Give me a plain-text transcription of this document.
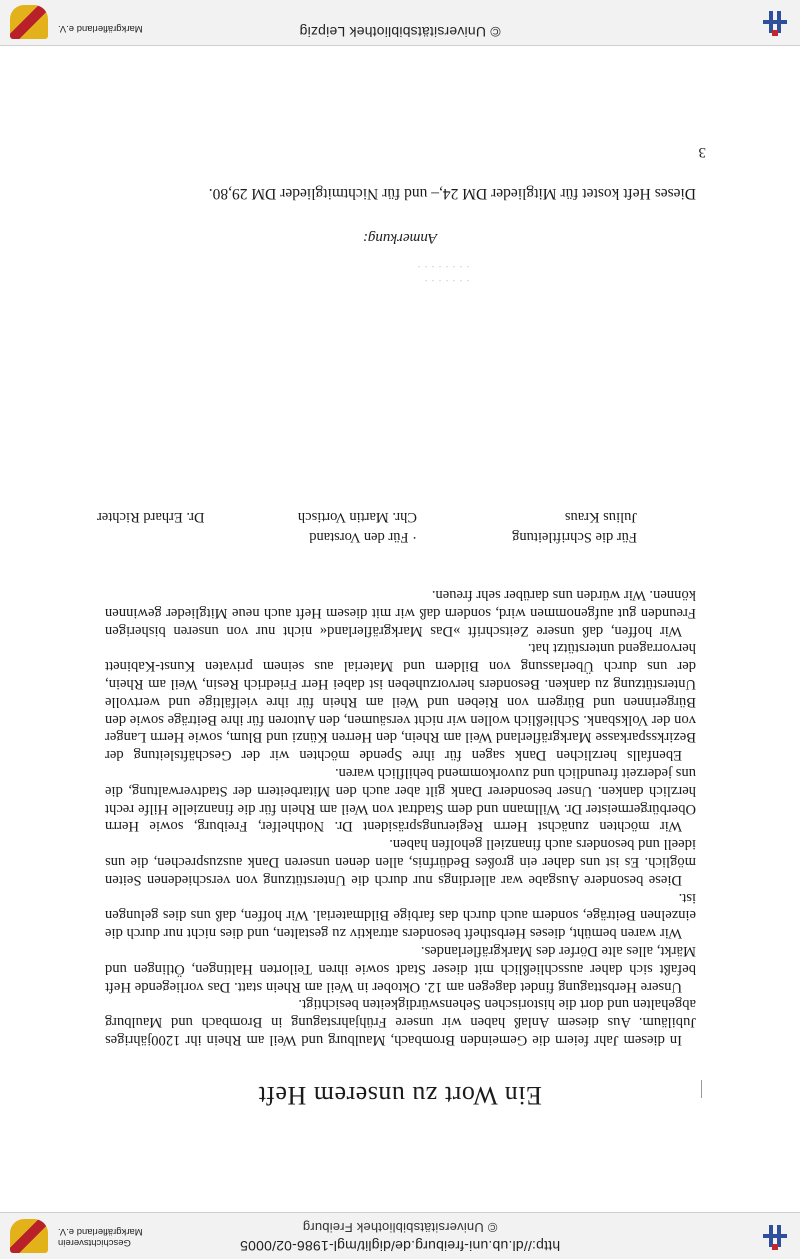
http://dl.ub.uni-freiburg.de/diglit/mgl-1986-02/0005
© Universitätsbibliothek Freiburg
Geschichtsverein
Markgräflerland e.V.
Ein Wort zu unserem Heft

In diesem Jahr feiern die Gemeinden Brombach, Maulburg und Weil am Rhein ihr 1200jähriges Jubiläum. Aus diesem Anlaß haben wir unsere Frühjahrstagung in Brombach und Maulburg abgehalten und dort die historischen Sehenswürdigkeiten besichtigt.

Unsere Herbsttagung findet dagegen am 12. Oktober in Weil am Rhein statt. Das vorliegende Heft befaßt sich daher ausschließlich mit dieser Stadt sowie ihren Teilorten Haltingen, Ötlingen und Märkt, alles alte Dörfer des Markgräflerlandes.

Wir waren bemüht, dieses Herbstheft besonders attraktiv zu gestalten, und dies nicht nur durch die einzelnen Beiträge, sondern auch durch das farbige Bildmaterial. Wir hoffen, daß uns dies gelungen ist.

Diese besondere Ausgabe war allerdings nur durch die Unterstützung von verschiedenen Seiten möglich. Es ist uns daher ein großes Bedürfnis, allen denen unseren Dank auszusprechen, die uns ideell und besonders auch finanziell geholfen haben.

Wir möchten zunächst Herrn Regierungspräsident Dr. Nothhelfer, Freiburg, sowie Herrn Oberbürgermeister Dr. Willmann und dem Stadtrat von Weil am Rhein für die finanzielle Hilfe recht herzlich danken. Unser besonderer Dank gilt aber auch den Mitarbeitern der Stadtverwaltung, die uns jederzeit freundlich und zuvorkommend behilflich waren.

Ebenfalls herzlichen Dank sagen für ihre Spende möchten wir der Geschäftsleitung der Bezirkssparkasse Markgräflerland Weil am Rhein, den Herren Künzi und Blum, sowie Herrn Langer von der Volksbank. Schließlich wollen wir nicht versäumen, den Autoren für ihre Beiträge sowie den Bürgerinnen und Bürgern von Rieben und Weil am Rhein für ihre vielfältige und wertvolle Unterstützung zu danken. Besonders hervorzuheben ist dabei Herr Friedrich Resin, Weil am Rhein, der uns durch Überlassung von Bildern und Material aus seinem privaten Kunst-Kabinett hervorragend unterstützt hat.

Wir hoffen, daß unsere Zeitschrift »Das Markgräflerland« nicht nur von unseren bisherigen Freunden gut aufgenommen wird, sondern daß wir mit diesem Heft auch neue Mitglieder gewinnen können. Wir würden uns darüber sehr freuen.

Für die Schriftleitung
Julius Kraus
· Für den Vorstand
Chr. Martin Vortisch
Dr. Erhard Richter
· · · · · · ·
· · · · · · · ·
Anmerkung:
Dieses Heft kostet für Mitglieder DM 24,– und für Nichtmitglieder DM 29,80.
3
© Universitätsbibliothek Leipzig
Markgräflerland e.V.
